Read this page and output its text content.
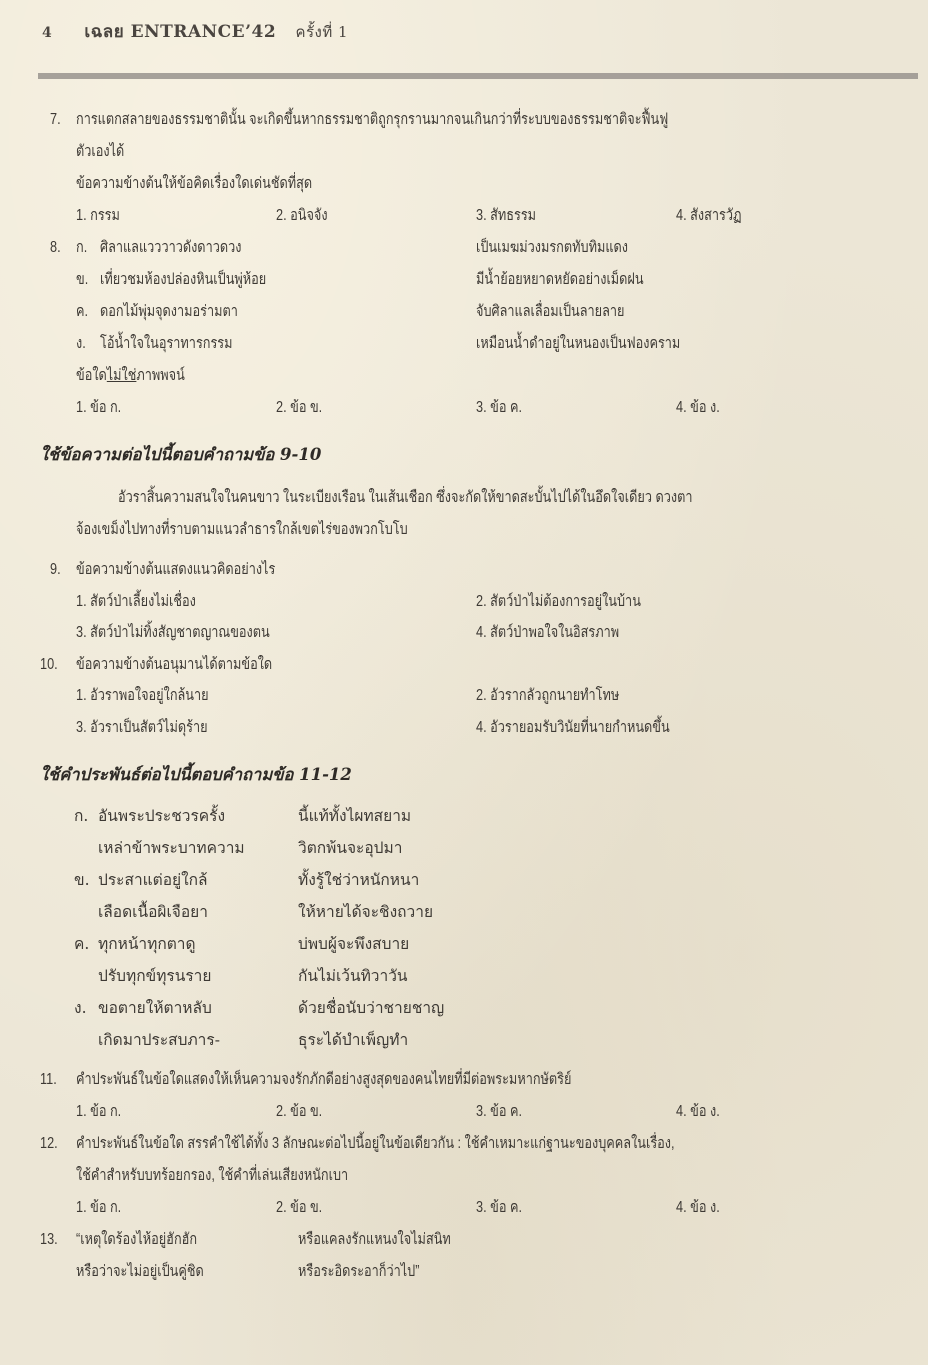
4 เฉลย ENTRANCE’42 ครั้งที่ 1
7. การแตกสลายของธรรมชาตินั้น จะเกิดขึ้นหากธรรมชาติถูกรุกรานมากจนเกินกว่าที่ระบบของธรรมชาติจะฟื้นฟู
ตัวเองได้
ข้อความข้างต้นให้ข้อคิดเรื่องใดเด่นชัดที่สุด
1. กรรม	2. อนิจจัง	3. สัทธรรม	4. สังสารวัฏ
8. ก. ศิลาแลแวววาวดังดาวดวง	เป็นเมฆม่วงมรกตทับทิมแดง
ข. เที่ยวชมห้องปล่องหินเป็นพู่ห้อย	มีน้ำย้อยหยาดหยัดอย่างเม็ดฝน
ค. ดอกไม้พุ่มจุดงามอร่ามตา	จับศิลาแลเลื่อมเป็นลายลาย
ง. โอ้น้ำใจในอุราทารกรรม	เหมือนน้ำดำอยู่ในหนองเป็นฟองคราม
ข้อใดไม่ใช่ภาพพจน์
1. ข้อ ก.	2. ข้อ ข.	3. ข้อ ค.	4. ข้อ ง.
ใช้ข้อความต่อไปนี้ตอบคำถามข้อ 9-10
อัวราสิ้นความสนใจในคนขาว ในระเบียงเรือน ในเส้นเชือก ซึ่งจะกัดให้ขาดสะบั้นไปได้ในอึดใจเดียว ดวงตา
จ้องเขม็งไปทางที่ราบตามแนวลำธารใกล้เขตไร่ของพวกโบโบ
9. ข้อความข้างต้นแสดงแนวคิดอย่างไร
1. สัตว์ป่าเลี้ยงไม่เชื่อง	2. สัตว์ป่าไม่ต้องการอยู่ในบ้าน
3. สัตว์ป่าไม่ทิ้งสัญชาตญาณของตน	4. สัตว์ป่าพอใจในอิสรภาพ
10. ข้อความข้างต้นอนุมานได้ตามข้อใด
1. อัวราพอใจอยู่ใกล้นาย	2. อัวรากลัวถูกนายทำโทษ
3. อัวราเป็นสัตว์ไม่ดุร้าย	4. อัวรายอมรับวินัยที่นายกำหนดขึ้น
ใช้คำประพันธ์ต่อไปนี้ตอบคำถามข้อ 11-12
ก. อันพระประชวรครั้ง	นี้แท้ทั้งไผทสยาม
เหล่าข้าพระบาทความ	วิตกพ้นจะอุปมา
ข. ประสาแต่อยู่ใกล้	ทั้งรู้ใช่ว่าหนักหนา
เลือดเนื้อผิเจือยา	ให้หายได้จะชิงถวาย
ค. ทุกหน้าทุกตาดู	บ่พบผู้จะพึงสบาย
ปรับทุกข์ทุรนราย	กันไม่เว้นทิวาวัน
ง. ขอตายให้ตาหลับ	ด้วยชื่อนับว่าชายชาญ
เกิดมาประสบภาร-	ธุระได้บำเพ็ญทำ
11. คำประพันธ์ในข้อใดแสดงให้เห็นความจงรักภักดีอย่างสูงสุดของคนไทยที่มีต่อพระมหากษัตริย์
1. ข้อ ก.	2. ข้อ ข.	3. ข้อ ค.	4. ข้อ ง.
12. คำประพันธ์ในข้อใด สรรคำใช้ได้ทั้ง 3 ลักษณะต่อไปนี้อยู่ในข้อเดียวกัน : ใช้คำเหมาะแก่ฐานะของบุคคลในเรื่อง,
ใช้คำสำหรับบทร้อยกรอง, ใช้คำที่เล่นเสียงหนักเบา
1. ข้อ ก.	2. ข้อ ข.	3. ข้อ ค.	4. ข้อ ง.
13. “เหตุใดร้องไห้อยู่ฮักฮัก	หรือแคลงรักแหนงใจไม่สนิท
หรือว่าจะไม่อยู่เป็นคู่ชิด	หรือระอิดระอาก็ว่าไป”
